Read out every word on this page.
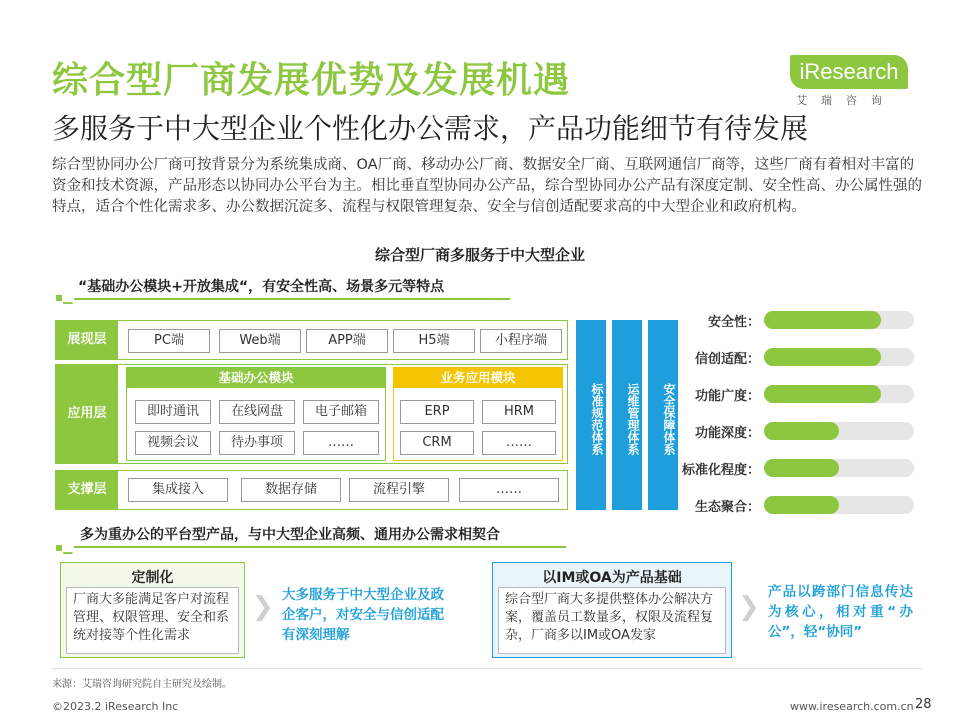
综合型厂商发展优势及发展机遇
多服务于中大型企业个性化办公需求，产品功能细节有待发展
iResearch
艾瑞咨询
综合型协同办公厂商可按背景分为系统集成商、OA厂商、移动办公厂商、数据安全厂商、互联网通信厂商等，这些厂商有着相对丰富的资金和技术资源，产品形态以协同办公平台为主。相比垂直型协同办公产品，综合型协同办公产品有深度定制、安全性高、办公属性强的特点，适合个性化需求多、办公数据沉淀多、流程与权限管理复杂、安全与信创适配要求高的中大型企业和政府机构。
综合型厂商多服务于中大型企业
▪▁
“基础办公模块+开放集成“，有安全性高、场景多元等特点
展现层	PC端	Web端	APP端	H5端	小程序端
应用层
基础办公模块
即时通讯	在线网盘	电子邮箱
视频会议	待办事项	……
业务应用模块
ERP	HRM
CRM	……
支撑层	集成接入	数据存储	流程引擎	……
标准规范体系	运维管理体系	安全保障体系
安全性：
信创适配：
功能广度：
功能深度：
标准化程度：
生态聚合：
▪▁
多为重办公的平台型产品，与中大型企业高频、通用办公需求相契合
定制化
厂商大多能满足客户对流程管理、权限管理、安全和系统对接等个性化需求
❯ 大多服务于中大型企业及政企客户，对安全与信创适配有深刻理解
以IM或OA为产品基础
综合型厂商大多提供整体办公解决方案，覆盖员工数量多，权限及流程复杂，厂商多以IM或OA发家
❯ 产品以跨部门信息传达为核心，相对重“办公”，轻“协同”
来源：艾瑞咨询研究院自主研究及绘制。
©2023.2 iResearch Inc	www.iresearch.com.cn 28
